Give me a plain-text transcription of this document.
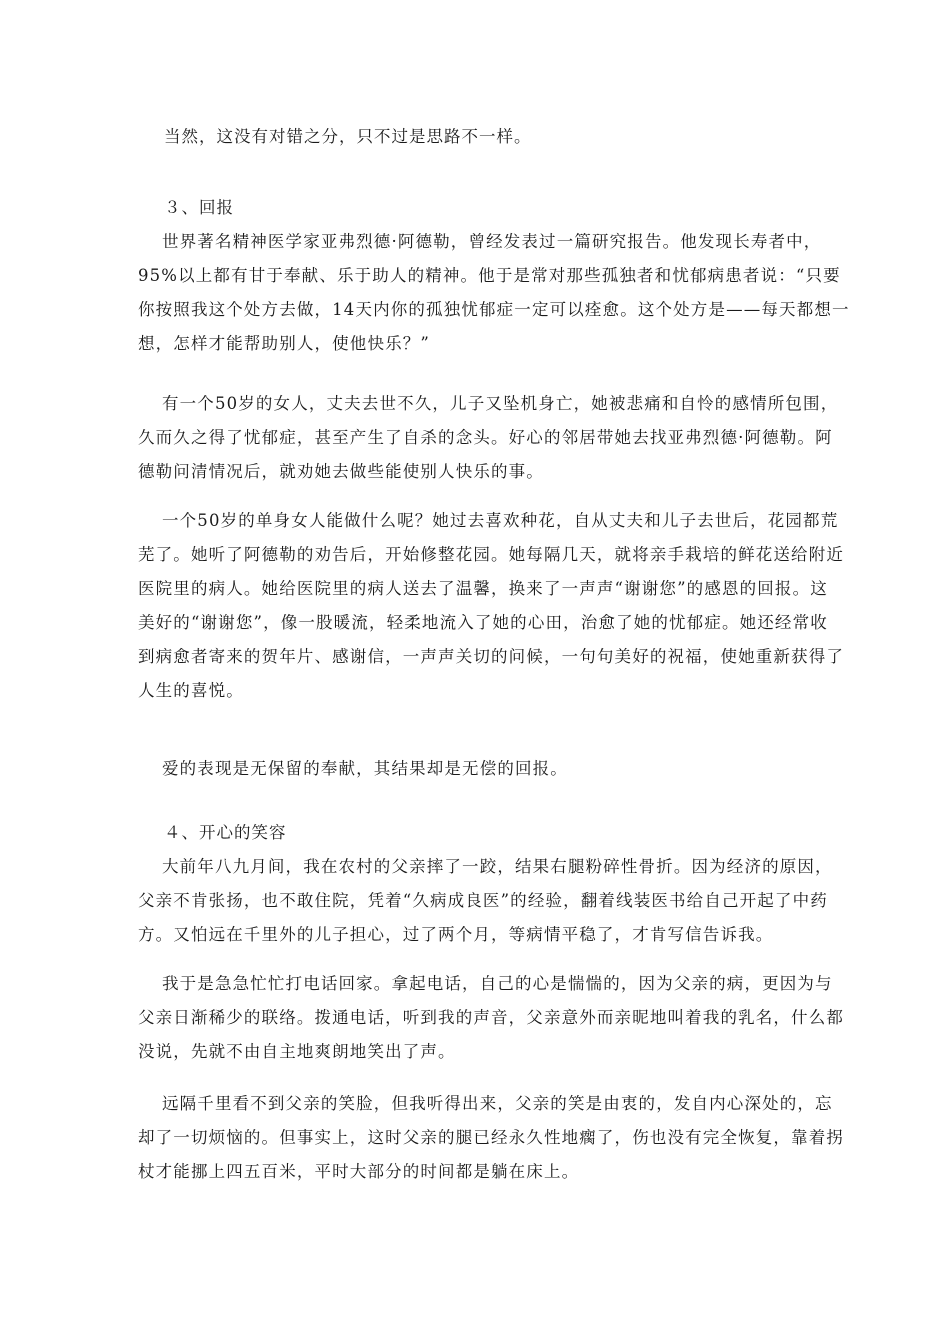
当然，这没有对错之分，只不过是思路不一样。
３、回报
世界著名精神医学家亚弗烈德·阿德勒，曾经发表过一篇研究报告。他发现长寿者中，
95%以上都有甘于奉献、乐于助人的精神。他于是常对那些孤独者和忧郁病患者说：“只要
你按照我这个处方去做，14天内你的孤独忧郁症一定可以痊愈。这个处方是——每天都想一
想，怎样才能帮助别人，使他快乐？”
有一个50岁的女人，丈夫去世不久，儿子又坠机身亡，她被悲痛和自怜的感情所包围，
久而久之得了忧郁症，甚至产生了自杀的念头。好心的邻居带她去找亚弗烈德·阿德勒。阿
德勒问清情况后，就劝她去做些能使别人快乐的事。
一个50岁的单身女人能做什么呢？她过去喜欢种花，自从丈夫和儿子去世后，花园都荒
芜了。她听了阿德勒的劝告后，开始修整花园。她每隔几天，就将亲手栽培的鲜花送给附近
医院里的病人。她给医院里的病人送去了温馨，换来了一声声“谢谢您”的感恩的回报。这
美好的“谢谢您”，像一股暖流，轻柔地流入了她的心田，治愈了她的忧郁症。她还经常收
到病愈者寄来的贺年片、感谢信，一声声关切的问候，一句句美好的祝福，使她重新获得了
人生的喜悦。
爱的表现是无保留的奉献，其结果却是无偿的回报。
４、开心的笑容
大前年八九月间，我在农村的父亲摔了一跤，结果右腿粉碎性骨折。因为经济的原因，
父亲不肯张扬，也不敢住院，凭着“久病成良医”的经验，翻着线装医书给自己开起了中药
方。又怕远在千里外的儿子担心，过了两个月，等病情平稳了，才肯写信告诉我。
我于是急急忙忙打电话回家。拿起电话，自己的心是惴惴的，因为父亲的病，更因为与
父亲日渐稀少的联络。拨通电话，听到我的声音，父亲意外而亲昵地叫着我的乳名，什么都
没说，先就不由自主地爽朗地笑出了声。
远隔千里看不到父亲的笑脸，但我听得出来，父亲的笑是由衷的，发自内心深处的，忘
却了一切烦恼的。但事实上，这时父亲的腿已经永久性地瘸了，伤也没有完全恢复，靠着拐
杖才能挪上四五百米，平时大部分的时间都是躺在床上。
